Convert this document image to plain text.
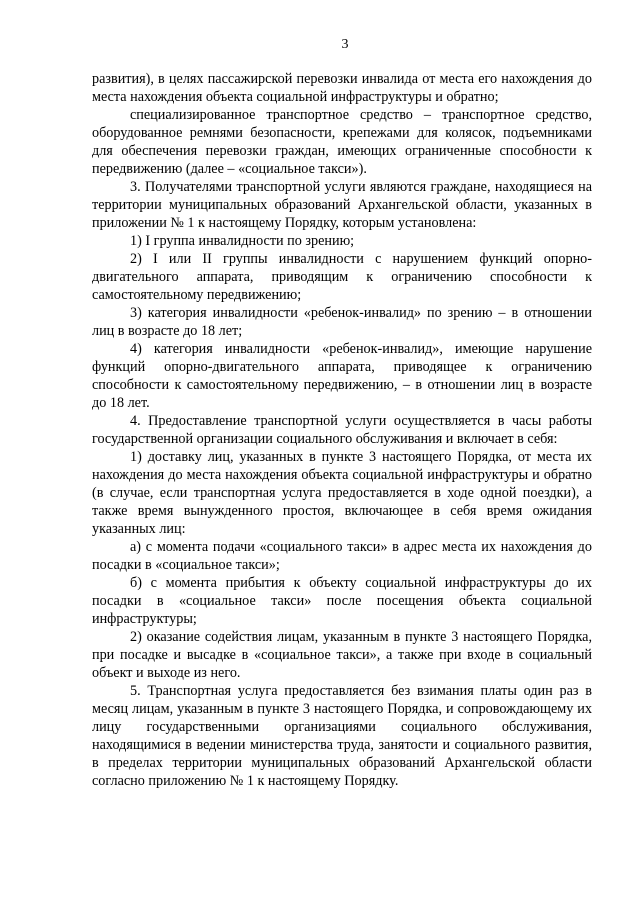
3

развития), в целях пассажирской перевозки инвалида от места его нахождения до места нахождения объекта социальной инфраструктуры и обратно;

специализированное транспортное средство – транспортное средство, оборудованное ремнями безопасности, крепежами для колясок, подъемниками для обеспечения перевозки граждан, имеющих ограниченные способности к передвижению (далее – «социальное такси»).

3. Получателями транспортной услуги являются граждане, находящиеся на территории муниципальных образований Архангельской области, указанных в приложении № 1 к настоящему Порядку, которым установлена:

1) I группа инвалидности по зрению;

2) I или II группы инвалидности с нарушением функций опорно-двигательного аппарата, приводящим к ограничению способности к самостоятельному передвижению;

3) категория инвалидности «ребенок-инвалид» по зрению – в отношении лиц в возрасте до 18 лет;

4) категория инвалидности «ребенок-инвалид», имеющие нарушение функций опорно-двигательного аппарата, приводящее к ограничению способности к самостоятельному передвижению, – в отношении лиц в возрасте до 18 лет.

4. Предоставление транспортной услуги осуществляется в часы работы государственной организации социального обслуживания и включает в себя:

1) доставку лиц, указанных в пункте 3 настоящего Порядка, от места их нахождения до места нахождения объекта социальной инфраструктуры и обратно (в случае, если транспортная услуга предоставляется в ходе одной поездки), а также время вынужденного простоя, включающее в себя время ожидания указанных лиц:

а) с момента подачи «социального такси» в адрес места их нахождения до посадки в «социальное такси»;

б) с момента прибытия к объекту социальной инфраструктуры до их посадки в «социальное такси» после посещения объекта социальной инфраструктуры;

2) оказание содействия лицам, указанным в пункте 3 настоящего Порядка, при посадке и высадке в «социальное такси», а также при входе в социальный объект и выходе из него.

5. Транспортная услуга предоставляется без взимания платы один раз в месяц лицам, указанным в пункте 3 настоящего Порядка, и сопровождающему их лицу государственными организациями социального обслуживания, находящимися в ведении министерства труда, занятости и социального развития, в пределах территории муниципальных образований Архангельской области согласно приложению № 1 к настоящему Порядку.
